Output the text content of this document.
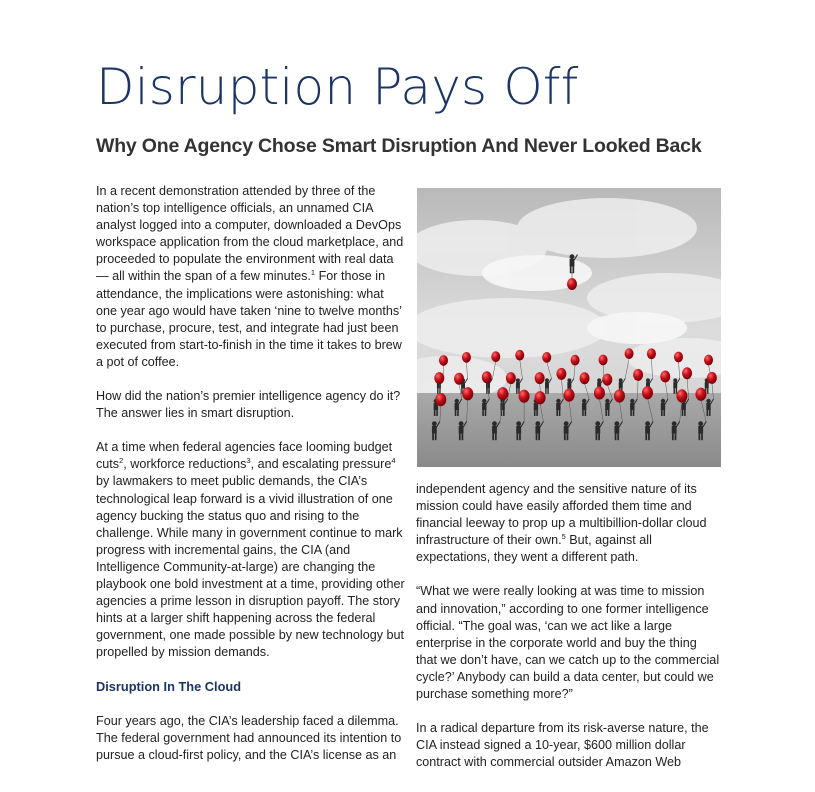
Disruption Pays Off
Why One Agency Chose Smart Disruption And Never Looked Back

In a recent demonstration attended by three of the nation’s top intelligence officials, an unnamed CIA analyst logged into a computer, downloaded a DevOps workspace application from the cloud marketplace, and proceeded to populate the environment with real data — all within the span of a few minutes.$^1$ For those in attendance, the implications were astonishing: what one year ago would have taken ‘nine to twelve months’ to purchase, procure, test, and integrate had just been executed from start-to-finish in the time it takes to brew a pot of coffee.

How did the nation’s premier intelligence agency do it? The answer lies in smart disruption.

At a time when federal agencies face looming budget cuts$^2$, workforce reductions$^3$, and escalating pressure$^4$ by lawmakers to meet public demands, the CIA’s technological leap forward is a vivid illustration of one agency bucking the status quo and rising to the challenge. While many in government continue to mark progress with incremental gains, the CIA (and Intelligence Community-at-large) are changing the playbook one bold investment at a time, providing other agencies a prime lesson in disruption payoff. The story hints at a larger shift happening across the federal government, one made possible by new technology but propelled by mission demands.

Disruption In The Cloud

Four years ago, the CIA’s leadership faced a dilemma. The federal government had announced its intention to pursue a cloud-first policy, and the CIA’s license as an

independent agency and the sensitive nature of its mission could have easily afforded them time and financial leeway to prop up a multibillion-dollar cloud infrastructure of their own.$^5$ But, against all expectations, they went a different path.

“What we were really looking at was time to mission and innovation,” according to one former intelligence official. “The goal was, ‘can we act like a large enterprise in the corporate world and buy the thing that we don’t have, can we catch up to the commercial cycle?’ Anybody can build a data center, but could we purchase something more?”

In a radical departure from its risk-averse nature, the CIA instead signed a 10-year, $600 million dollar contract with commercial outsider Amazon Web
